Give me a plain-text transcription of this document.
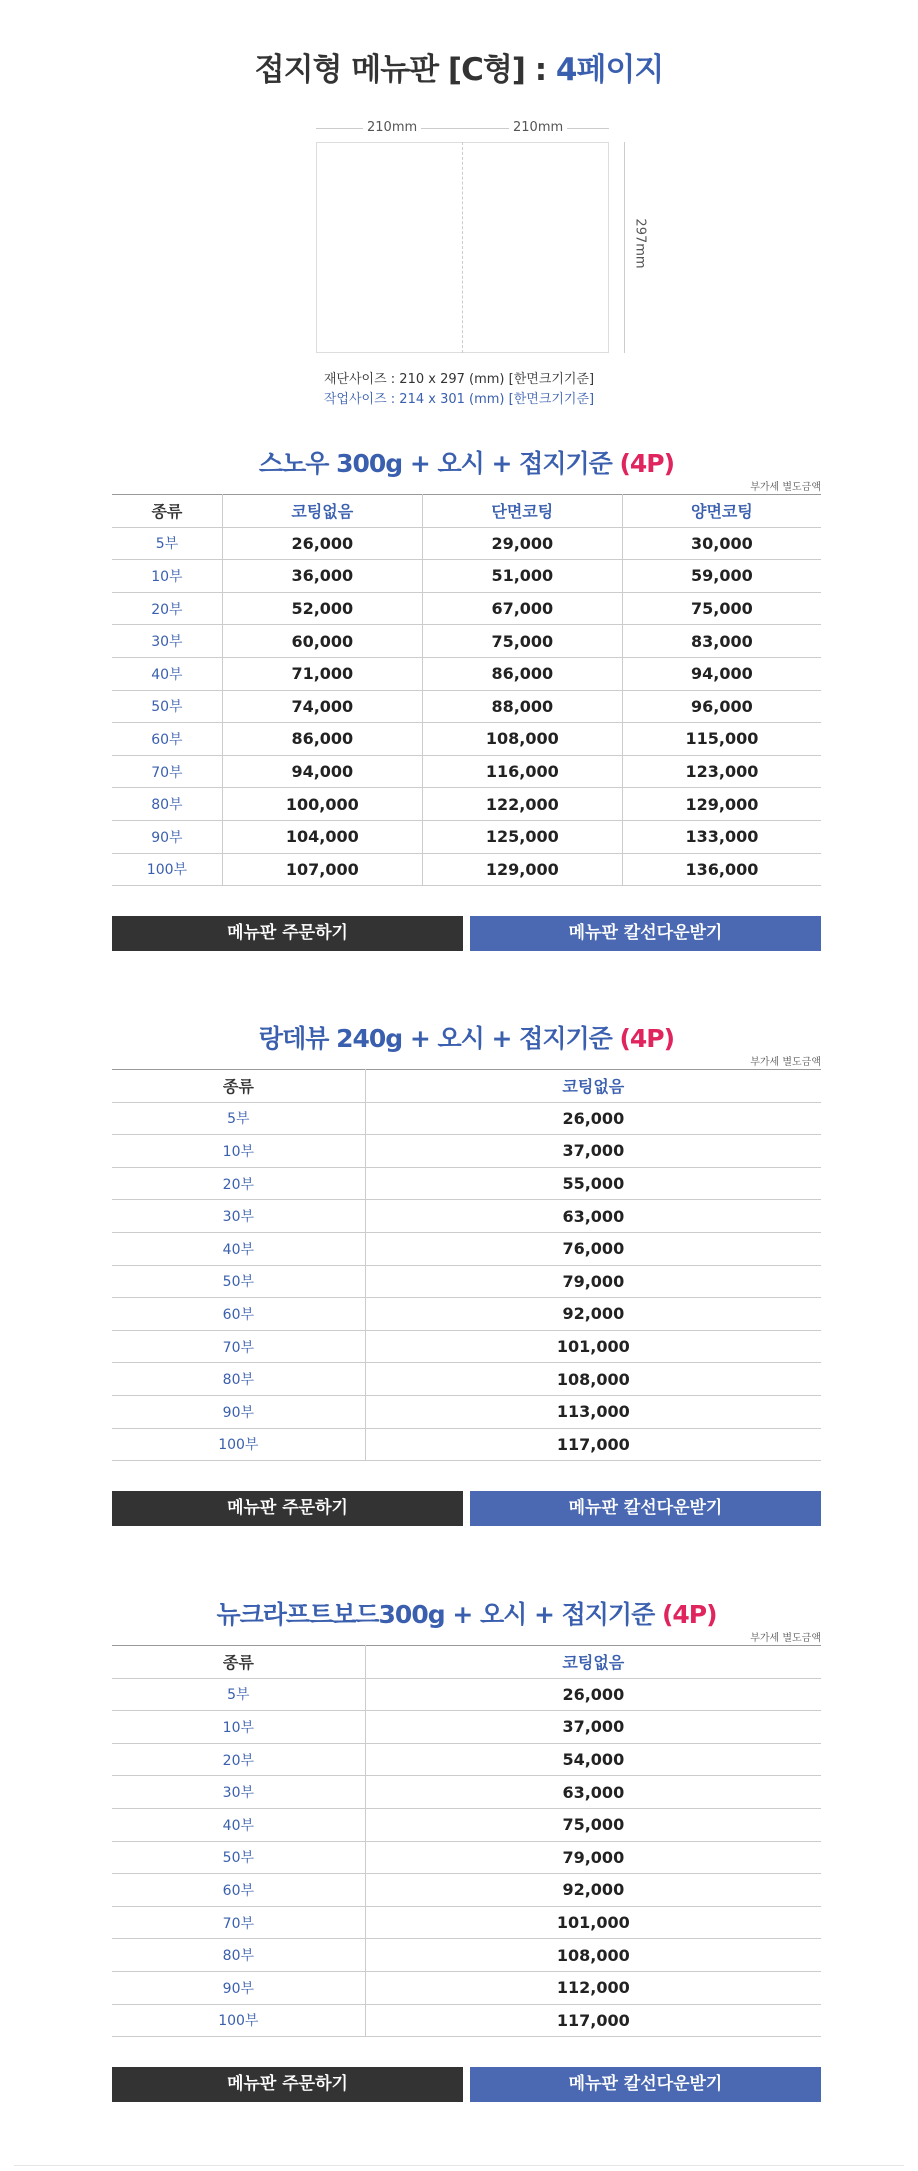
접지형 메뉴판 [C형] : 4페이지
210mm	210mm
297mm
재단사이즈 : 210 x 297 (mm) [한면크기기준]
작업사이즈 : 214 x 301 (mm) [한면크기기준]
스노우 300g + 오시 + 접지기준 (4P)
부가세 별도금액
종류	코팅없음	단면코팅	양면코팅
5부	26,000	29,000	30,000
10부	36,000	51,000	59,000
20부	52,000	67,000	75,000
30부	60,000	75,000	83,000
40부	71,000	86,000	94,000
50부	74,000	88,000	96,000
60부	86,000	108,000	115,000
70부	94,000	116,000	123,000
80부	100,000	122,000	129,000
90부	104,000	125,000	133,000
100부	107,000	129,000	136,000
메뉴판 주문하기	메뉴판 칼선다운받기
랑데뷰 240g + 오시 + 접지기준 (4P)
부가세 별도금액
종류	코팅없음
5부	26,000
10부	37,000
20부	55,000
30부	63,000
40부	76,000
50부	79,000
60부	92,000
70부	101,000
80부	108,000
90부	113,000
100부	117,000
메뉴판 주문하기	메뉴판 칼선다운받기
뉴크라프트보드300g + 오시 + 접지기준 (4P)
부가세 별도금액
종류	코팅없음
5부	26,000
10부	37,000
20부	54,000
30부	63,000
40부	75,000
50부	79,000
60부	92,000
70부	101,000
80부	108,000
90부	112,000
100부	117,000
메뉴판 주문하기	메뉴판 칼선다운받기
